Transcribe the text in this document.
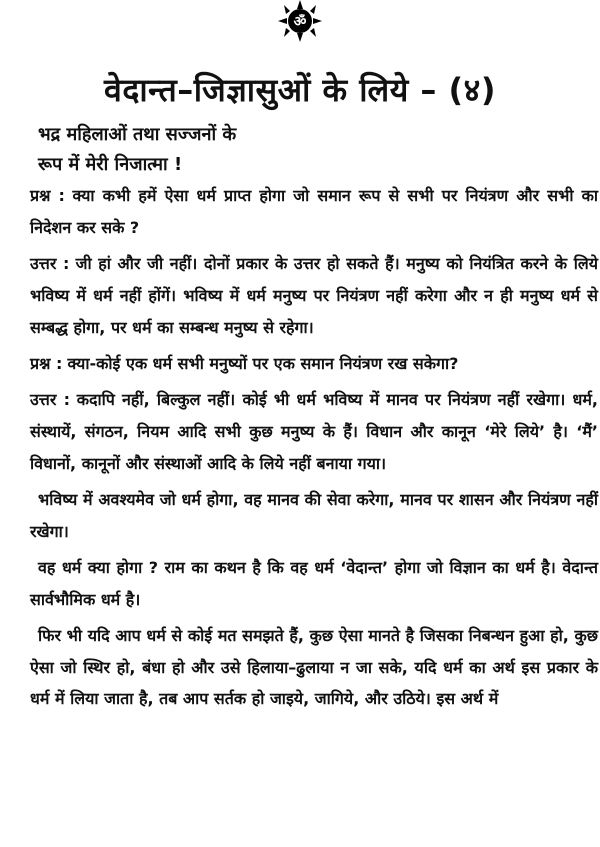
ॐ
वेदान्त–जिज्ञासुओं के लिये – (४)
भद्र महिलाओं तथा सज्जनों के
रूप में मेरी निजात्मा !

प्रश्न : क्या कभी हमें ऐसा धर्म प्राप्त होगा जो समान रूप से सभी पर नियंत्रण और सभी का निदेशन कर सके ?

उत्तर : जी हां और जी नहीं। दोनों प्रकार के उत्तर हो सकते हैं। मनुष्य को नियंत्रित करने के लिये भविष्य में धर्म नहीं होंगें। भविष्य में धर्म मनुष्य पर नियंत्रण नहीं करेगा और न ही मनुष्य धर्म से सम्बद्ध होगा, पर धर्म का सम्बन्ध मनुष्य से रहेगा।

प्रश्न : क्या-कोई एक धर्म सभी मनुष्यों पर एक समान नियंत्रण रख सकेगा?

उत्तर : कदापि नहीं, बिल्कुल नहीं। कोई भी धर्म भविष्य में मानव पर नियंत्रण नहीं रखेगा। धर्म, संस्थायें, संगठन, नियम आदि सभी कुछ मनुष्य के हैं। विधान और कानून ‘मेरे लिये’ है। ‘मैं’ विधानों, कानूनों और संस्थाओं आदि के लिये नहीं बनाया गया।

भविष्य में अवश्यमेव जो धर्म होगा, वह मानव की सेवा करेगा, मानव पर शासन और नियंत्रण नहीं रखेगा।

वह धर्म क्या होगा ? राम का कथन है कि वह धर्म ‘वेदान्त’ होगा जो विज्ञान का धर्म है। वेदान्त सार्वभौमिक धर्म है।

फिर भी यदि आप धर्म से कोई मत समझते हैं, कुछ ऐसा मानते है जिसका निबन्धन हुआ हो, कुछ ऐसा जो स्थिर हो, बंधा हो और उसे हिलाया–ढुलाया न जा सके, यदि धर्म का अर्थ इस प्रकार के धर्म में लिया जाता है, तब आप सर्तक हो जाइये, जागिये, और उठिये। इस अर्थ में
